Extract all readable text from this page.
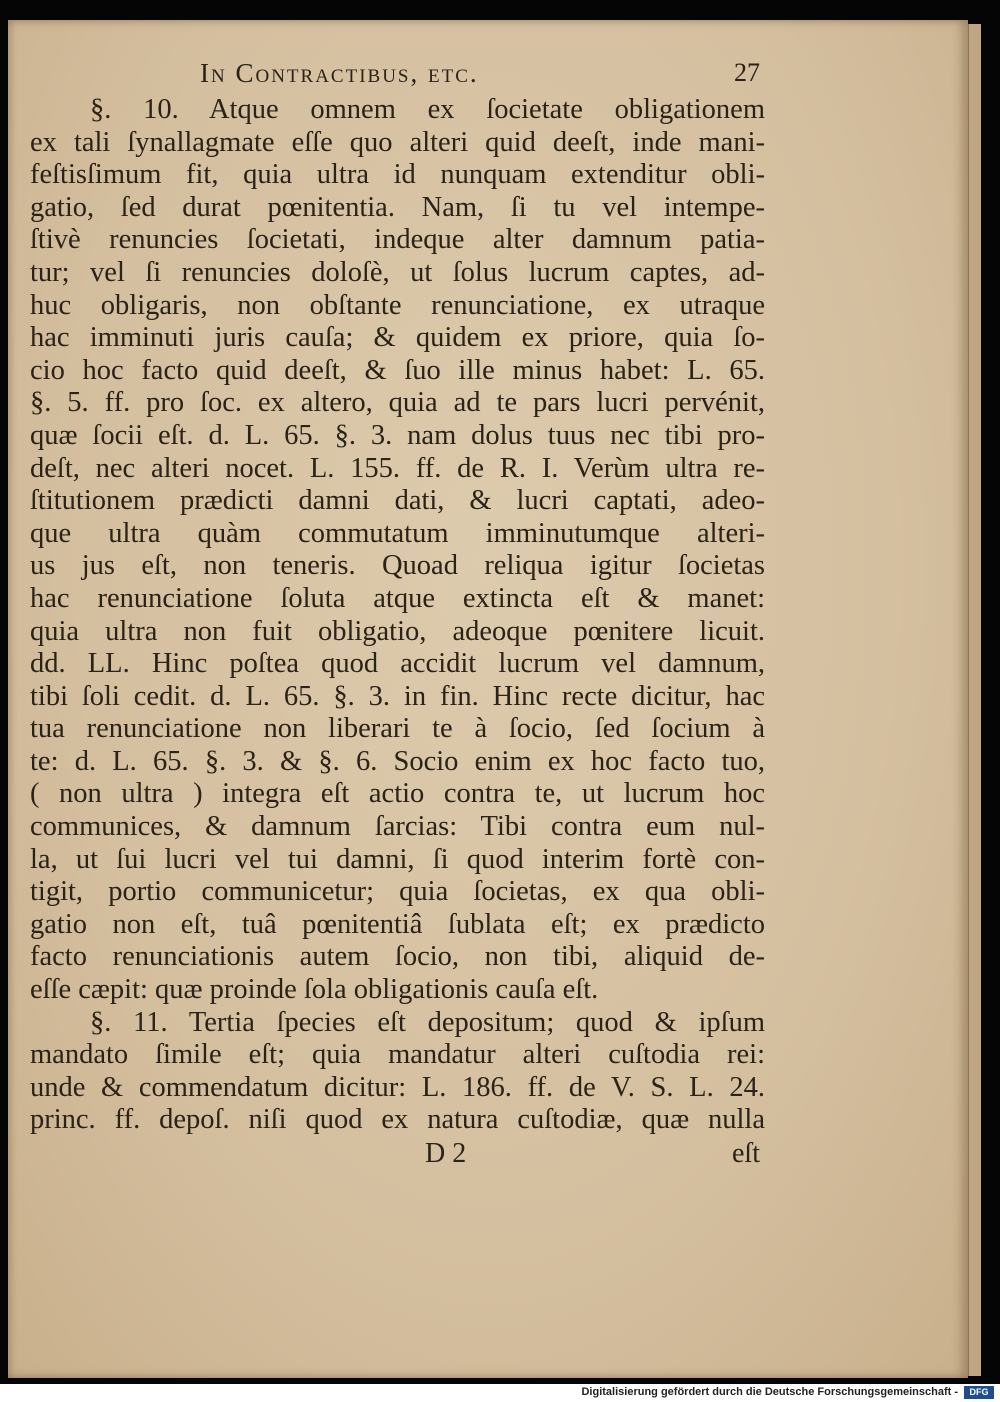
In Contractibus, etc.	27
§. 10. Atque omnem ex ſocietate obligationem
ex tali ſynallagmate eſſe quo alteri quid deeſt, inde mani-
feſtisſimum fit, quia ultra id nunquam extenditur obli-
gatio, ſed durat pœnitentia. Nam, ſi tu vel intempe-
ſtivè renuncies ſocietati, indeque alter damnum patia-
tur; vel ſi renuncies doloſè, ut ſolus lucrum captes, ad-
huc obligaris, non obſtante renunciatione, ex utraque
hac imminuti juris cauſa; & quidem ex priore, quia ſo-
cio hoc facto quid deeſt, & ſuo ille minus habet: L. 65.
§. 5. ff. pro ſoc. ex altero, quia ad te pars lucri pervénit,
quæ ſocii eſt. d. L. 65. §. 3. nam dolus tuus nec tibi pro-
deſt, nec alteri nocet. L. 155. ff. de R. I. Verùm ultra re-
ſtitutionem prædicti damni dati, & lucri captati, adeo-
que ultra quàm commutatum imminutumque alteri-
us jus eſt, non teneris. Quoad reliqua igitur ſocietas
hac renunciatione ſoluta atque extincta eſt & manet:
quia ultra non fuit obligatio, adeoque pœnitere licuit.
dd. LL. Hinc poſtea quod accidit lucrum vel damnum,
tibi ſoli cedit. d. L. 65. §. 3. in fin. Hinc recte dicitur, hac
tua renunciatione non liberari te à ſocio, ſed ſocium à
te: d. L. 65. §. 3. & §. 6. Socio enim ex hoc facto tuo,
( non ultra ) integra eſt actio contra te, ut lucrum hoc
communices, & damnum ſarcias: Tibi contra eum nul-
la, ut ſui lucri vel tui damni, ſi quod interim fortè con-
tigit, portio communicetur; quia ſocietas, ex qua obli-
gatio non eſt, tuâ pœnitentiâ ſublata eſt; ex prædicto
facto renunciationis autem ſocio, non tibi, aliquid de-
eſſe cæpit: quæ proinde ſola obligationis cauſa eſt.
§. 11. Tertia ſpecies eſt depositum; quod & ipſum
mandato ſimile eſt; quia mandatur alteri cuſtodia rei:
unde & commendatum dicitur: L. 186. ff. de V. S. L. 24.
princ. ff. depoſ. niſi quod ex natura cuſtodiæ, quæ nulla
D 2	eſt
Digitalisierung gefördert durch die Deutsche Forschungsgemeinschaft -	DFG
